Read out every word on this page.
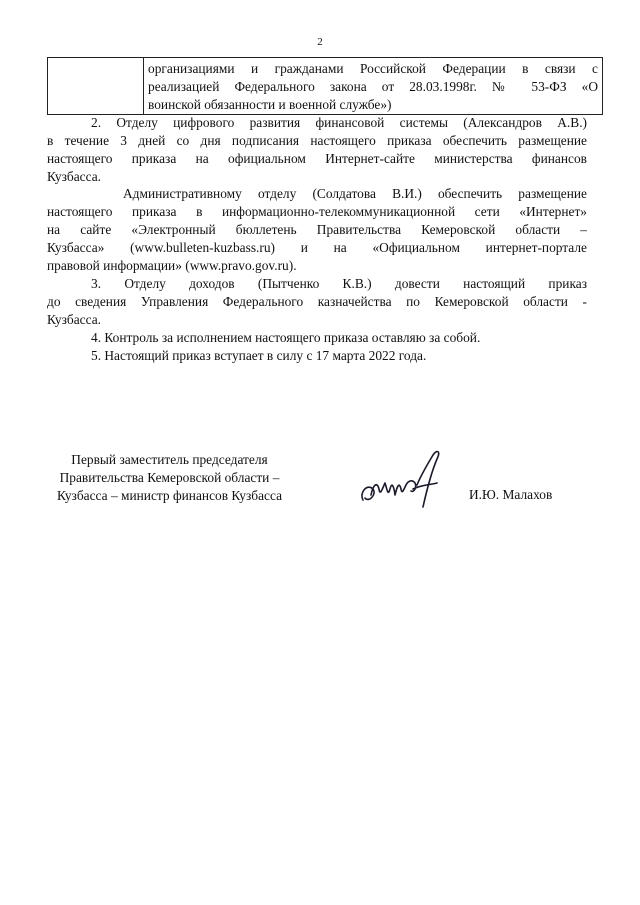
2

организациями и гражданами Российской Федерации в связи с
реализацией Федерального закона от 28.03.1998г. № 53-ФЗ «О
воинской обязанности и военной службе»)
2. Отделу цифрового развития финансовой системы (Александров А.В.)
в течение 3 дней со дня подписания настоящего приказа обеспечить размещение
настоящего приказа на официальном Интернет-сайте министерства финансов
Кузбасса.
Административному отделу (Солдатова В.И.) обеспечить размещение
настоящего приказа в информационно-телекоммуникационной сети «Интернет»
на сайте «Электронный бюллетень Правительства Кемеровской области –
Кузбасса» (www.bulleten-kuzbass.ru) и на «Официальном интернет-портале
правовой информации» (www.pravo.gov.ru).
3. Отделу доходов (Пытченко К.В.) довести настоящий приказ
до сведения Управления Федерального казначейства по Кемеровской области -
Кузбасса.
4. Контроль за исполнением настоящего приказа оставляю за собой.
5. Настоящий приказ вступает в силу с 17 марта 2022 года.
Первый заместитель председателя
Правительства Кемеровской области –
Кузбасса – министр финансов Кузбасса	И.Ю. Малахов
